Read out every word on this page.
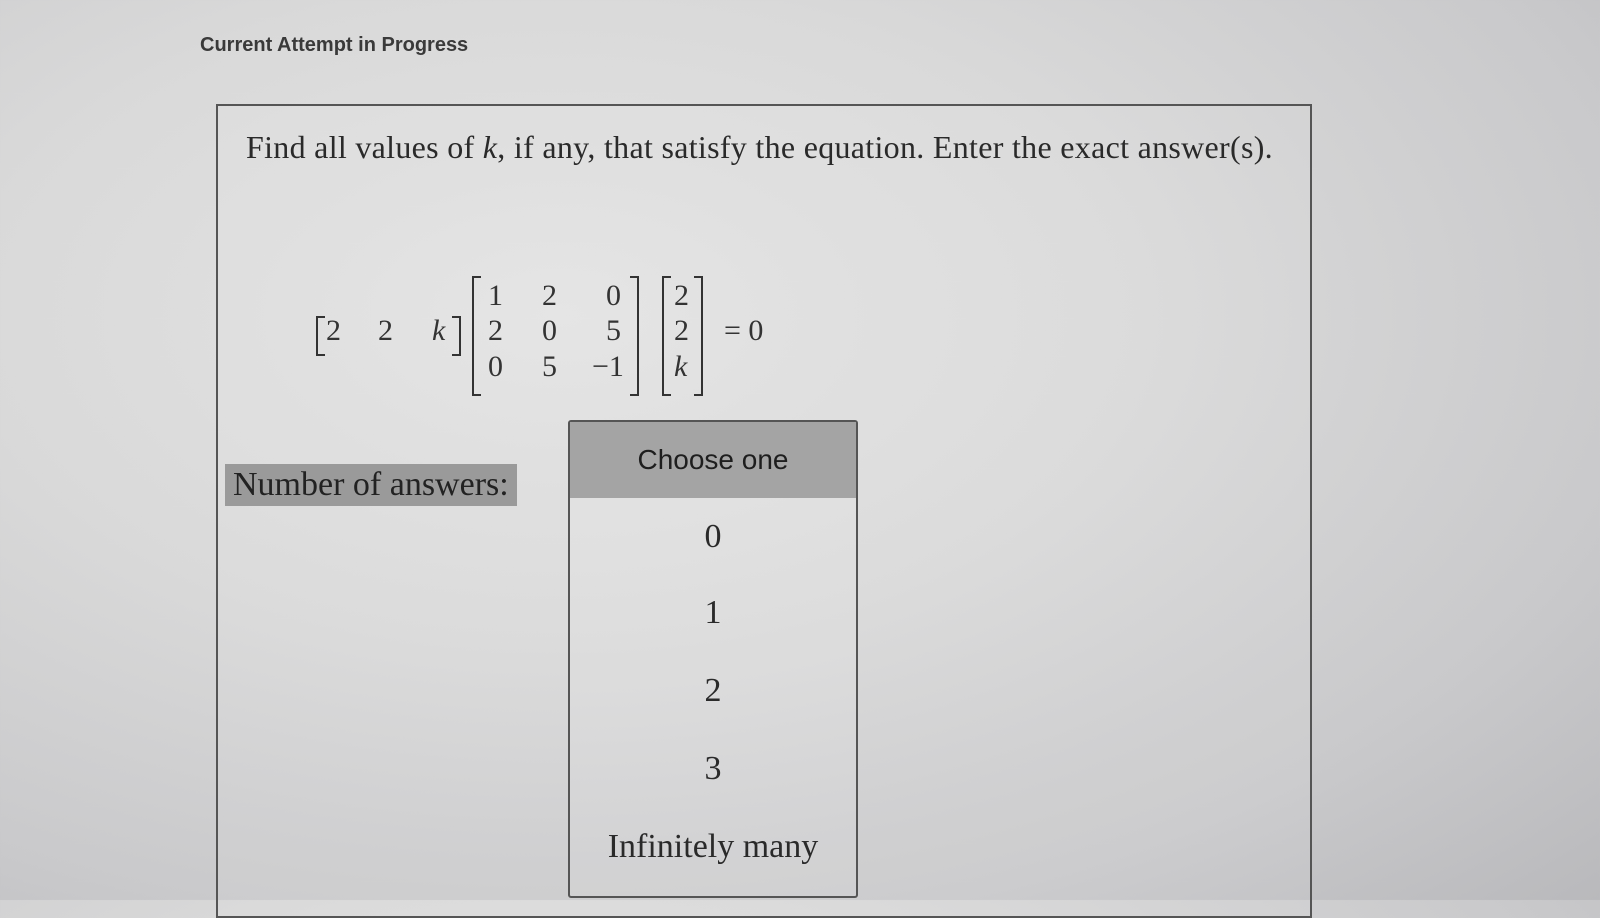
Current Attempt in Progress
Find all values of k, if any, that satisfy the equation. Enter the exact answer(s).
2 2 k
1 2 0
2 0 5
0 5 −1
2
2
k
= 0
Number of answers:
Choose one
0
1
2
3
Infinitely many
